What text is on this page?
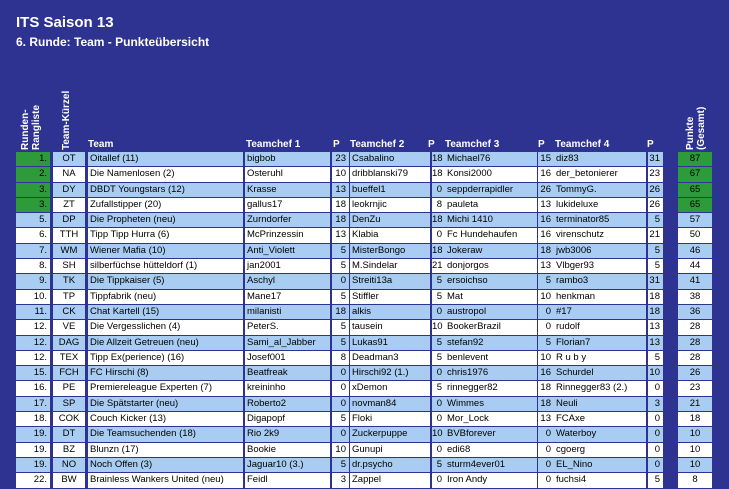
ITS Saison 13
6. Runde: Team - Punkteübersicht
Runden-
Rangliste Team-Kürzel Team	Teamchef 1	P Teamchef 2 P Teamchef 3	P Teamchef 4	P	Punkte
(Gesamt)
1.	OT	Oitallef (11)	bigbob	23 Csabalino	18 Michael76	15 diz83	31	87
2.	NA	Die Namenlosen (2)	Osteruhl	10 dribblanski79	18 Konsi2000	16 der_betonierer	23	67
3.	DY	DBDT Youngstars (12)	Krasse	13 bueffel1	0 seppderrapidler	26 TommyG.	26	65
3.	ZT	Zufallstipper (20)	gallus17	18 leokrnjic	8 pauleta	13 lukideluxe	26	65
5.	DP	Die Propheten (neu)	Zurndorfer	18 DenZu	18 Michi 1410	16 terminator85	5	57
6.	TTH	Tipp Tipp Hurra (6)	McPrinzessin	13 Klabia	0 Fc Hundehaufen	16 virenschutz	21	50
7.	WM	Wiener Mafia (10)	Anti_Violett	5 MisterBongo	18 Jokeraw	18 jwb3006	5	46
8.	SH	silberfüchse hütteldorf (1)	jan2001	5 M.Sindelar	21 donjorgos	13 Vlbger93	5	44
9.	TK	Die Tippkaiser (5)	Aschyl	0 Streiti13a	5 ersoichso	5 rambo3	31	41
10.	TP	Tippfabrik (neu)	Mane17	5 Stiffler	5 Mat	10 henkman	18	38
11.	CK	Chat Kartell (15)	milanisti	18 alkis	0 austropol	0 #17	18	36
12.	VE	Die Vergesslichen (4)	PeterS.	5 tausein	10 BookerBrazil	0 rudolf	13	28
12.	DAG	Die Allzeit Getreuen (neu)	Sami_al_Jabber	5 Lukas91	5 stefan92	5 Florian7	13	28
12.	TEX	Tipp Ex(perience) (16)	Josef001	8 Deadman3	5 benlevent	10 R u b y	5	28
15.	FCH	FC Hirschi (8)	Beatfreak	0 Hirschi92 (1.)	0 chris1976	16 Schurdel	10	26
16.	PE	Premiereleague Experten (7)	kreininho	0 xDemon	5 rinnegger82	18 Rinnegger83 (2.)	0	23
17.	SP	Die Spätstarter (neu)	Roberto2	0 novman84	0 Wimmes	18 Neuli	3	21
18.	COK	Couch Kicker (13)	Digapopf	5 Floki	0 Mor_Lock	13 FCAxe	0	18
19.	DT	Die Teamsuchenden (18)	Rio 2k9	0 Zuckerpuppe	10 BVBforever	0 Waterboy	0	10
19.	BZ	Blunzn (17)	Bookie	10 Gunupi	0 edi68	0 cgoerg	0	10
19.	NO	Noch Offen (3)	Jaguar10 (3.)	5 dr.psycho	5 sturm4ever01	0 EL_Nino	0	10
22.	BW	Brainless Wankers United (neu)	Feidl	3 Zappel	0 Iron Andy	0 fuchsi4	5	8
